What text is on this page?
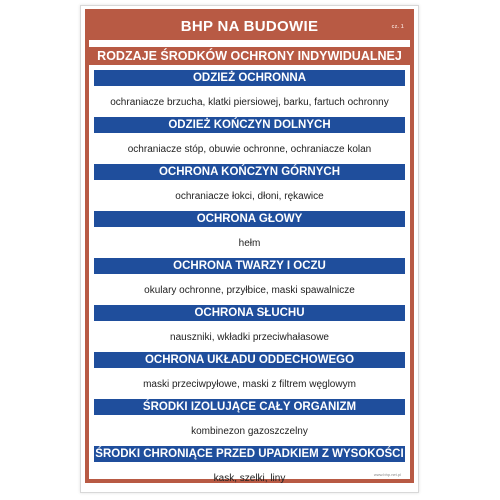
BHP NA BUDOWIE	cz. 1
RODZAJE ŚRODKÓW OCHRONY INDYWIDUALNEJ
ODZIEŻ OCHRONNA
ochraniacze brzucha, klatki piersiowej, barku, fartuch ochronny
ODZIEŻ KOŃCZYN DOLNYCH
ochraniacze stóp, obuwie ochronne, ochraniacze kolan
OCHRONA KOŃCZYN GÓRNYCH
ochraniacze łokci, dłoni, rękawice
OCHRONA GŁOWY
hełm
OCHRONA TWARZY I OCZU
okulary ochronne, przyłbice, maski spawalnicze
OCHRONA SŁUCHU
nauszniki, wkładki przeciwhałasowe
OCHRONA UKŁADU ODDECHOWEGO
maski przeciwpyłowe, maski z filtrem węglowym
ŚRODKI IZOLUJĄCE CAŁY ORGANIZM
kombinezon gazoszczelny
ŚRODKI CHRONIĄCE PRZED UPADKIEM Z WYSOKOŚCI
kask, szelki, liny	www.bhp.net.pl
